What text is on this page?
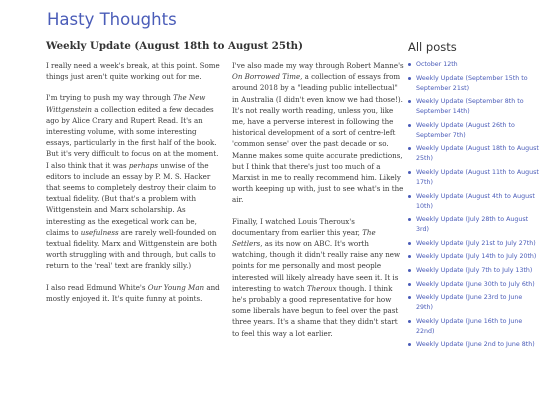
Hasty Thoughts
Weekly Update (August 18th to August 25th)

I really need a week's break, at this point. Some things just aren't quite working out for me.

I'm trying to push my way through The New Wittgenstein a collection edited a few decades ago by Alice Crary and Rupert Read. It's an interesting volume, with some interesting essays, particularly in the first half of the book. But it's very difficult to focus on at the moment. I also think that it was perhaps unwise of the editors to include an essay by P. M. S. Hacker that seems to completely destroy their claim to textual fidelity. (But that's a problem with Wittgenstein and Marx scholarship. As interesting as the exegetical work can be, claims to usefulness are rarely well-founded on textual fidelity. Marx and Wittgenstein are both worth struggling with and through, but calls to return to the 'real' text are frankly silly.)

I also read Edmund White's Our Young Man and mostly enjoyed it. It's quite funny at points.

I've also made my way through Robert Manne's On Borrowed Time, a collection of essays from around 2018 by a "leading public intellectual" in Australia (I didn't even know we had those!). It's not really worth reading, unless you, like me, have a perverse interest in following the historical development of a sort of centre-left 'common sense' over the past decade or so. Manne makes some quite accurate predictions, but I think that there's just too much of a Marxist in me to really recommend him. Likely worth keeping up with, just to see what's in the air.

Finally, I watched Louis Theroux's documentary from earlier this year, The Settlers, as its now on ABC. It's worth watching, though it didn't really raise any new points for me personally and most people interested will likely already have seen it. It is interesting to watch Theroux though. I think he's probably a good representative for how some liberals have begun to feel over the past three years. It's a shame that they didn't start to feel this way a lot earlier.

All posts
October 12th
Weekly Update (September 15th to September 21st)
Weekly Update (September 8th to September 14th)
Weekly Update (August 26th to September 7th)
Weekly Update (August 18th to August 25th)
Weekly Update (August 11th to August 17th)
Weekly Update (August 4th to August 10th)
Weekly Update (July 28th to August 3rd)
Weekly Update (July 21st to July 27th)
Weekly Update (July 14th to July 20th)
Weekly Update (July 7th to July 13th)
Weekly Update (June 30th to July 6th)
Weekly Update (June 23rd to June 29th)
Weekly Update (June 16th to June 22nd)
Weekly Update (June 2nd to June 8th)
